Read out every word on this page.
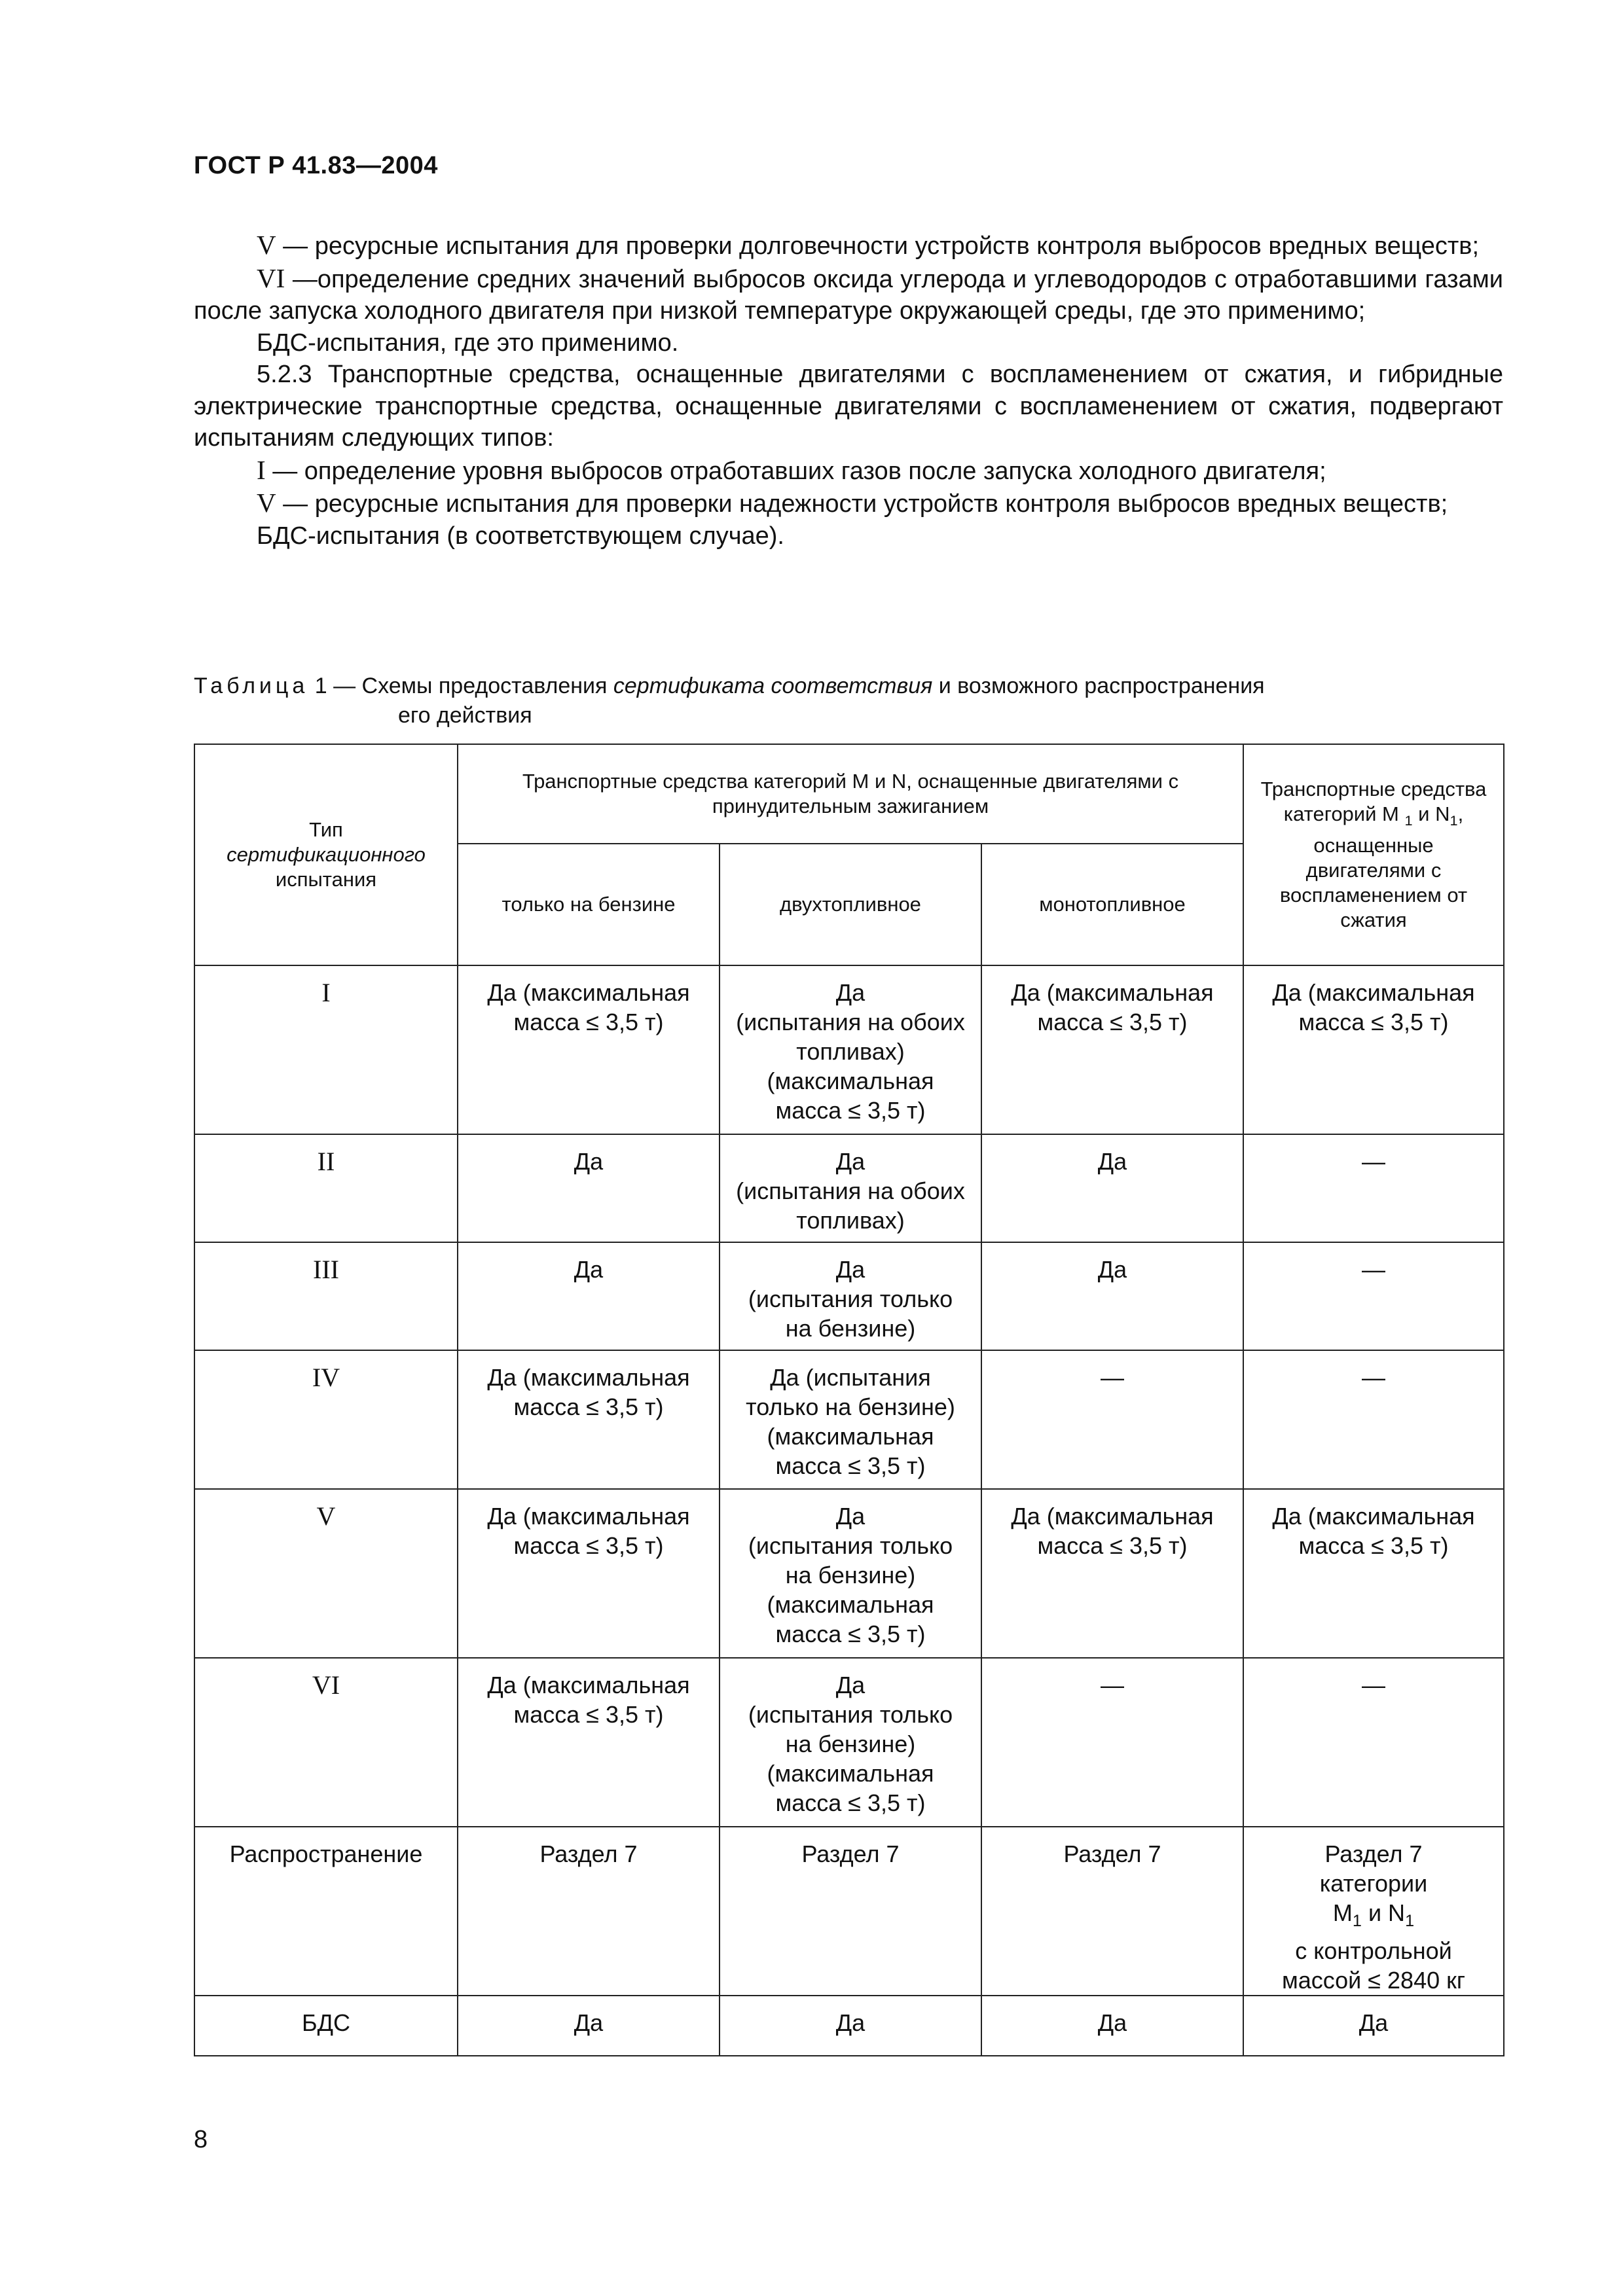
ГОСТ Р 41.83—2004

V — ресурсные испытания для проверки долговечности устройств контроля выбросов вредных веществ;

VI —определение средних значений выбросов оксида углерода и углеводородов с отработавшими газами после запуска холодного двигателя при низкой температуре окружающей среды, где это применимо;

БДС-испытания, где это применимо.

5.2.3 Транспортные средства, оснащенные двигателями с воспламенением от сжатия, и гибридные электрические транспортные средства, оснащенные двигателями с воспламенением от сжатия, подвергают испытаниям следующих типов:

I — определение уровня выбросов отработавших газов после запуска холодного двигателя;

V — ресурсные испытания для проверки надежности устройств контроля выбросов вредных веществ;

БДС-испытания (в соответствующем случае).

Таблица 1 — Схемы предоставления сертификата соответствия и возможного распространения
его действия
Тип
сертификационного
испытания	Транспортные средства категорий M и N, оснащенные двигателями с принудительным зажиганием			Транспортные средства категорий M $_1$ и $N_1$, оснащенные двигателями с воспламенением от сжатия
	только на бензине	двухтопливное	монотопливное	
I	Да (максимальная
масса ≤ 3,5 т)	Да
(испытания на обоих
топливах)
(максимальная
масса ≤ 3,5 т)	Да (максимальная
масса ≤ 3,5 т)	Да (максимальная
масса ≤ 3,5 т)
II	Да	Да
(испытания на обоих
топливах)	Да	—
III	Да	Да
(испытания только
на бензине)	Да	—
IV	Да (максимальная
масса ≤ 3,5 т)	Да (испытания
только на бензине)
(максимальная
масса ≤ 3,5 т)	—	—
V	Да (максимальная
масса ≤ 3,5 т)	Да
(испытания только
на бензине)
(максимальная
масса ≤ 3,5 т)	Да (максимальная
масса ≤ 3,5 т)	Да (максимальная
масса ≤ 3,5 т)
VI	Да (максимальная
масса ≤ 3,5 т)	Да
(испытания только
на бензине)
(максимальная
масса ≤ 3,5 т)	—	—
Распространение	Раздел 7	Раздел 7	Раздел 7	Раздел 7
категории
$M_1$ и $N_1$
с контрольной
массой ≤ 2840 кг

БДС	Да	Да	Да	Да
8
